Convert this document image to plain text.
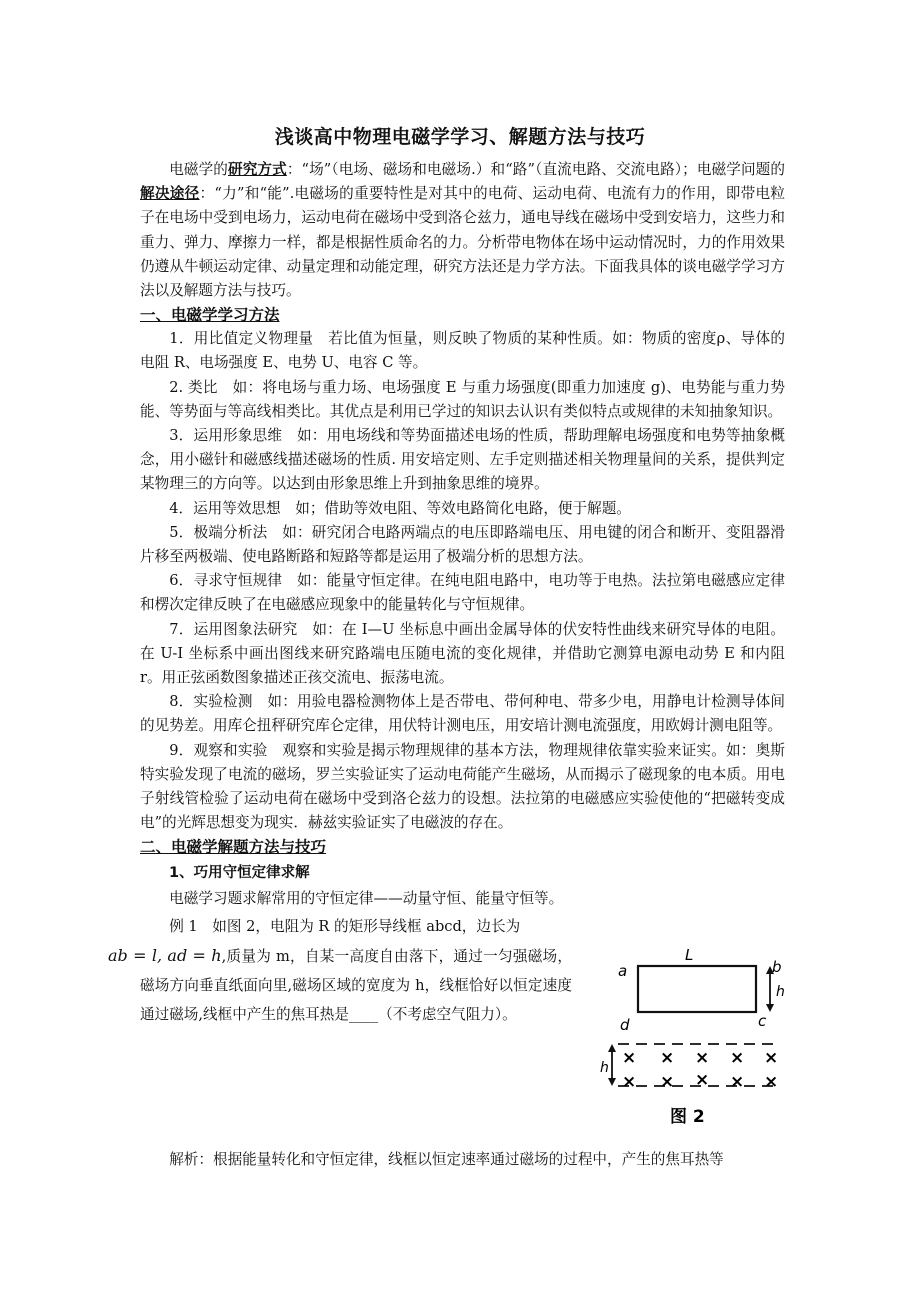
浅谈高中物理电磁学学习、解题方法与技巧

电磁学的研究方式：“场”（电场、磁场和电磁场.）和“路”（直流电路、交流电路）；电磁学问题的解决途径：“力”和“能”.电磁场的重要特性是对其中的电荷、运动电荷、电流有力的作用，即带电粒子在电场中受到电场力，运动电荷在磁场中受到洛仑兹力，通电导线在磁场中受到安培力，这些力和重力、弹力、摩擦力一样，都是根据性质命名的力。分析带电物体在场中运动情况时，力的作用效果仍遵从牛顿运动定律、动量定理和动能定理，研究方法还是力学方法。下面我具体的谈电磁学学习方法以及解题方法与技巧。

一、电磁学学习方法

1．用比值定义物理量　若比值为恒量，则反映了物质的某种性质。如：物质的密度ρ、导体的电阻 R、电场强度 E、电势 U、电容 C 等。

2. 类比　如：将电场与重力场、电场强度 E 与重力场强度(即重力加速度 g)、电势能与重力势能、等势面与等高线相类比。其优点是利用已学过的知识去认识有类似特点或规律的未知抽象知识。

3．运用形象思维　如：用电场线和等势面描述电场的性质，帮助理解电场强度和电势等抽象概念，用小磁针和磁感线描述磁场的性质. 用安培定则、左手定则描述相关物理量间的关系，提供判定某物理三的方向等。以达到由形象思维上升到抽象思维的境界。

4．运用等效思想　如；借助等效电阻、等效电路简化电路，便于解题。

5．极端分析法　如：研究闭合电路两端点的电压即路端电压、用电键的闭合和断开、变阻器滑片移至两极端、使电路断路和短路等都是运用了极端分析的思想方法。

6．寻求守恒规律　如：能量守恒定律。在纯电阻电路中，电功等于电热。法拉第电磁感应定律和楞次定律反映了在电磁感应现象中的能量转化与守恒规律。

7．运用图象法研究　如：在 I—U 坐标息中画出金属导体的伏安特性曲线来研究导体的电阻。在 U-I 坐标系中画出图线来研究路端电压随电流的变化规律，并借助它测算电源电动势 E 和内阻 r。用正弦函数图象描述正孩交流电、振荡电流。

8．实验检测　如：用验电器检测物体上是否带电、带何种电、带多少电，用静电计检测导体间的见势差。用库仑扭秤研究库仑定律，用伏特计测电压，用安培计测电流强度，用欧姆计测电阻等。

9．观察和实验　观察和实验是揭示物理规律的基本方法，物理规律依靠实验来证实。如：奥斯特实验发现了电流的磁场，罗兰实验证实了运动电荷能产生磁场，从而揭示了磁现象的电本质。用电子射线管检验了运动电荷在磁场中受到洛仑兹力的设想。法拉第的电磁感应实验使他的“把磁转变成电”的光辉思想变为现实．赫兹实验证实了电磁波的存在。

二、电磁学解题方法与技巧
1、巧用守恒定律求解

电磁学习题求解常用的守恒定律——动量守恒、能量守恒等。

例 1　如图 2，电阻为 R 的矩形导线框 abcd，边长为
ab = l, ad = h,质量为 m，自某一高度自由落下，通过一匀强磁场，磁场方向垂直纸面向里,磁场区域的宽度为 h，线框恰好以恒定速度通过磁场,线框中产生的焦耳热是____（不考虑空气阻力）。

a	b
c
d
L
h
h × × × × ×
× × × × ×
图 2

解析：根据能量转化和守恒定律，线框以恒定速率通过磁场的过程中，产生的焦耳热等
